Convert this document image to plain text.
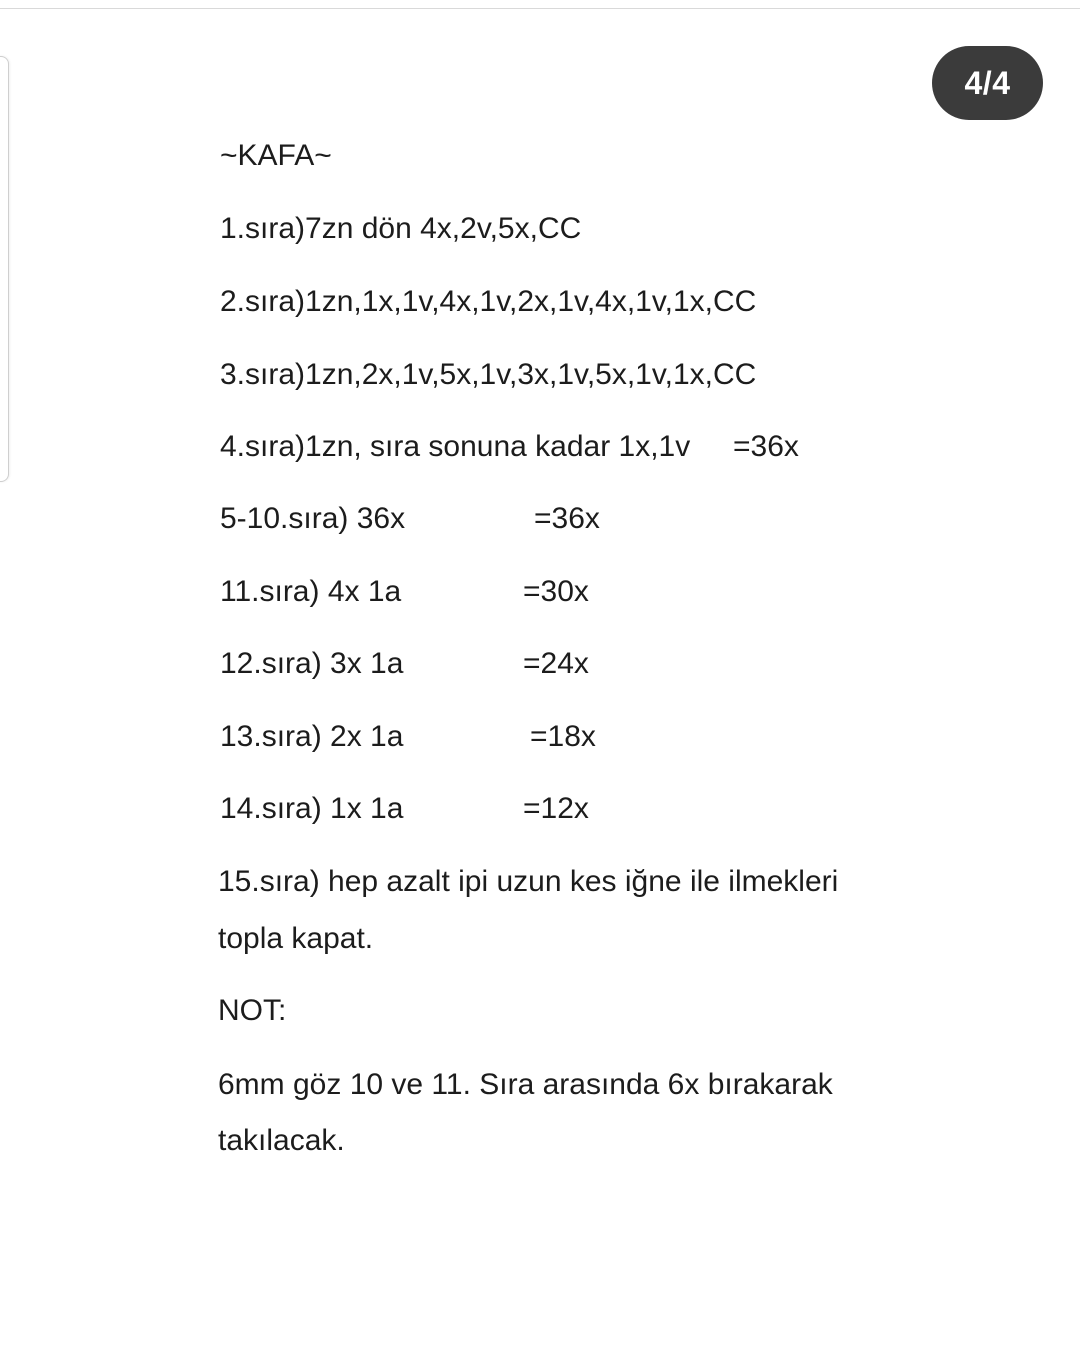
4/4
~KAFA~
1.sıra)7zn dön 4x,2v,5x,CC
2.sıra)1zn,1x,1v,4x,1v,2x,1v,4x,1v,1x,CC
3.sıra)1zn,2x,1v,5x,1v,3x,1v,5x,1v,1x,CC
4.sıra)1zn, sıra sonuna kadar 1x,1v =36x
5-10.sıra) 36x	=36x
11.sıra) 4x 1a	=30x
12.sıra) 3x 1a	=24x
13.sıra) 2x 1a	=18x
14.sıra) 1x 1a	=12x
15.sıra) hep azalt ipi uzun kes iğne ile ilmekleri
topla kapat.
NOT:
6mm göz 10 ve 11. Sıra arasında 6x bırakarak
takılacak.
